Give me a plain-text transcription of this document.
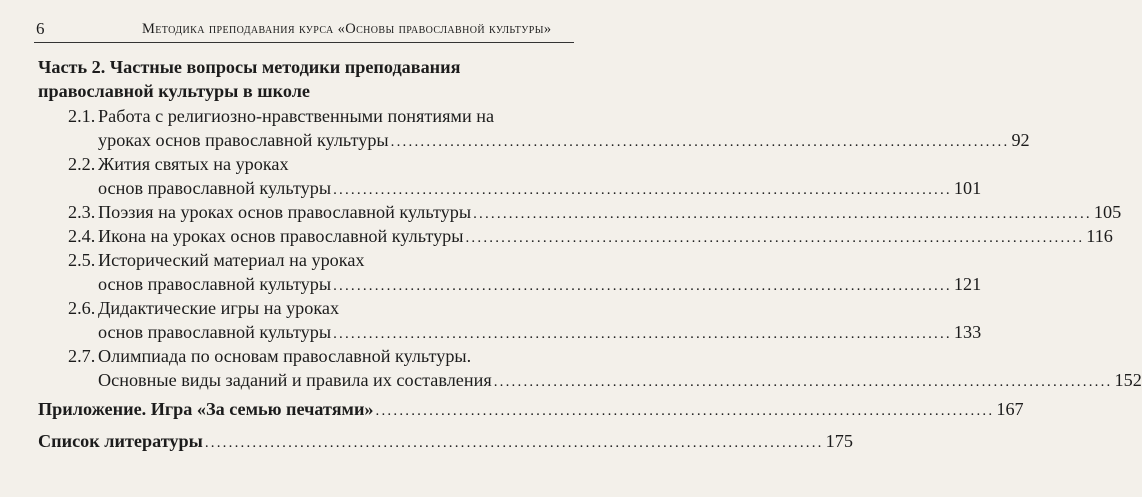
6	Методика преподавания курса «Основы православной культуры»
Часть 2. Частные вопросы методики преподавания
православной культуры в школе
2.1. Работа с религиозно-нравственными понятиями на
уроках основ православной культуры ........................................................................................................ 92
2.2. Жития святых на уроках
основ православной культуры ........................................................................................................ 101
2.3. Поэзия на уроках основ православной культуры ........................................................................................................ 105
2.4. Икона на уроках основ православной культуры ........................................................................................................ 116
2.5. Исторический материал на уроках
основ православной культуры ........................................................................................................ 121
2.6. Дидактические игры на уроках
основ православной культуры ........................................................................................................ 133
2.7. Олимпиада по основам православной культуры.
Основные виды заданий и правила их составления ........................................................................................................ 152
Приложение. Игра «За семью печатями» ........................................................................................................ 167
Список литературы ........................................................................................................ 175
